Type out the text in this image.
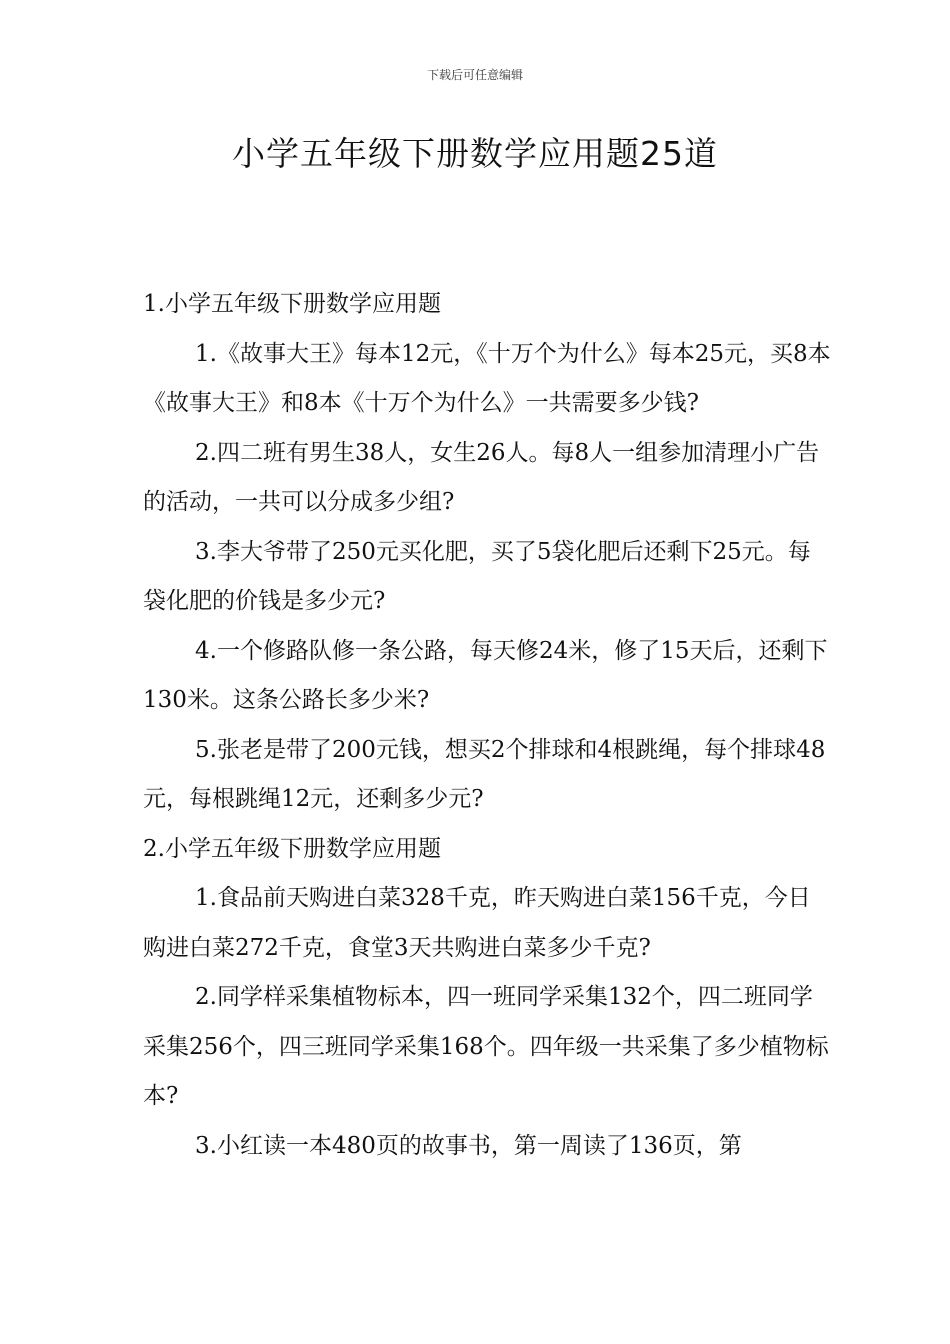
下载后可任意编辑
小学五年级下册数学应用题25道

1.小学五年级下册数学应用题

1.《故事大王》每本12元，《十万个为什么》每本25元，买8本《故事大王》和8本《十万个为什么》一共需要多少钱?

2.四二班有男生38人，女生26人。每8人一组参加清理小广告的活动，一共可以分成多少组?

3.李大爷带了250元买化肥，买了5袋化肥后还剩下25元。每袋化肥的价钱是多少元?

4.一个修路队修一条公路，每天修24米，修了15天后，还剩下130米。这条公路长多少米?

5.张老是带了200元钱，想买2个排球和4根跳绳，每个排球48元，每根跳绳12元，还剩多少元?

2.小学五年级下册数学应用题

1.食品前天购进白菜328千克，昨天购进白菜156千克，今日购进白菜272千克，食堂3天共购进白菜多少千克?

2.同学样采集植物标本，四一班同学采集132个，四二班同学采集256个，四三班同学采集168个。四年级一共采集了多少植物标本?

3.小红读一本480页的故事书，第一周读了136页，第
